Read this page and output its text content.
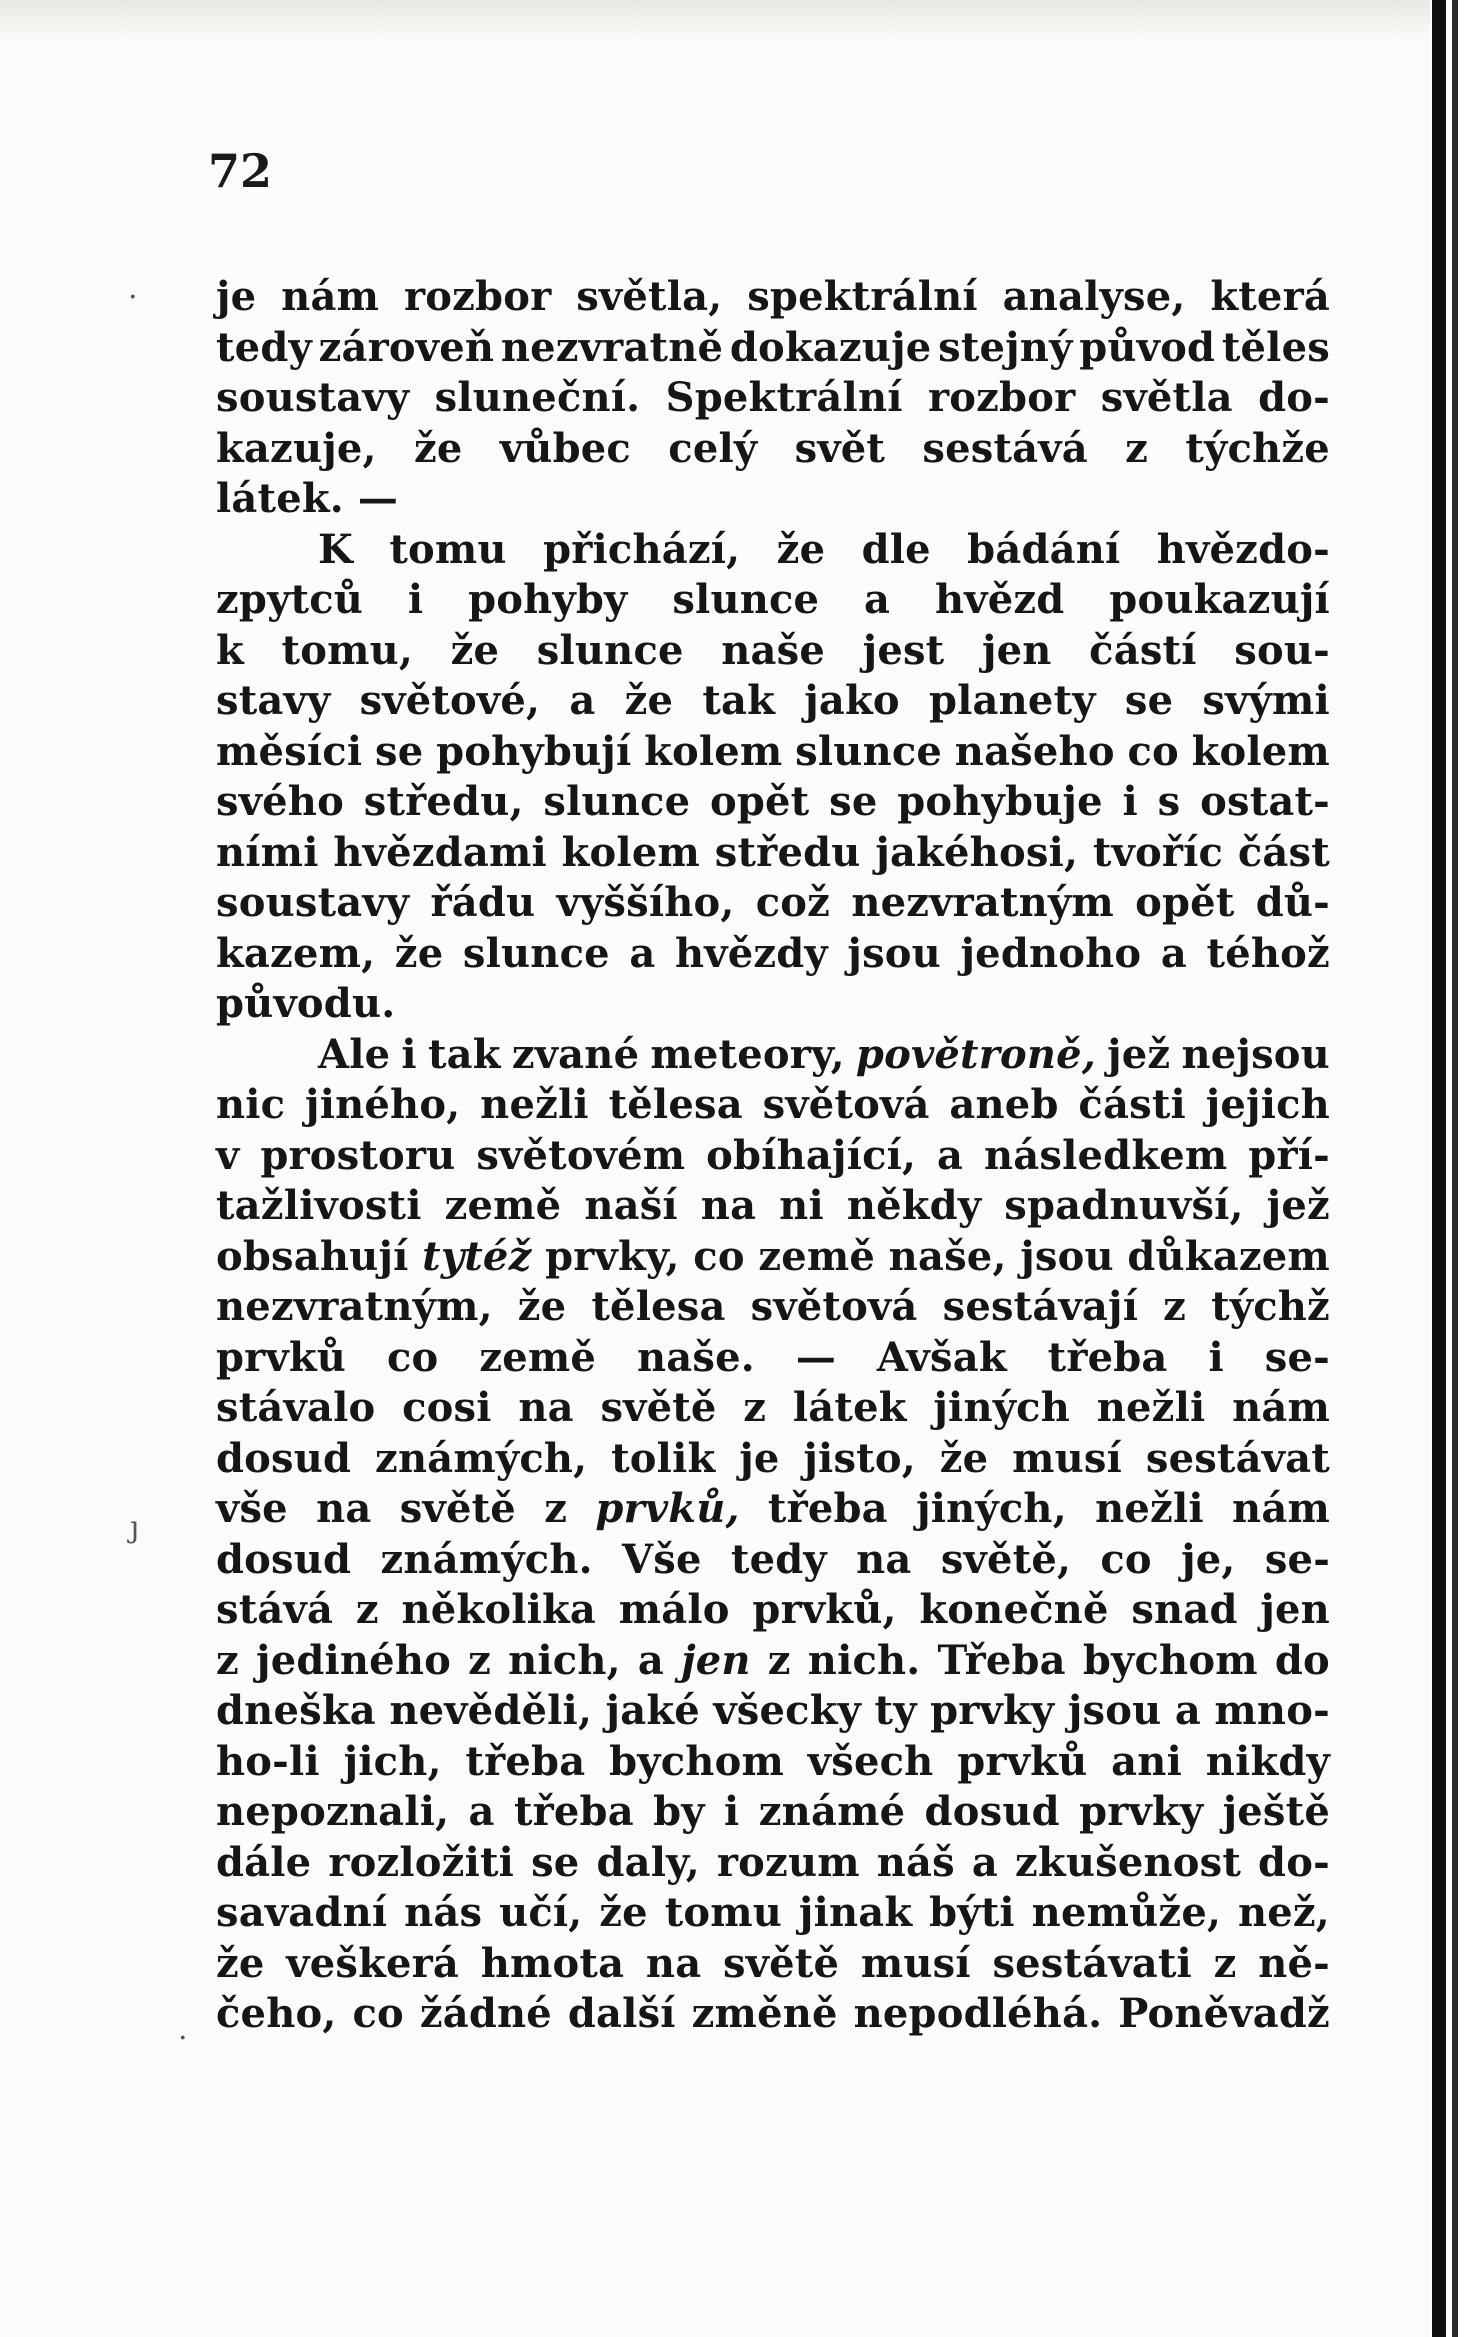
72
je nám rozbor světla, spektrální analyse, která
tedy zároveň nezvratně dokazuje stejný původ těles
soustavy sluneční. Spektrální rozbor světla do-
kazuje, že vůbec celý svět sestává z týchže
látek. —
K tomu přichází, že dle bádání hvězdo-
zpytců i pohyby slunce a hvězd poukazují
k tomu, že slunce naše jest jen částí sou-
stavy světové, a že tak jako planety se svými
měsíci se pohybují kolem slunce našeho co kolem
svého středu, slunce opět se pohybuje i s ostat-
ními hvězdami kolem středu jakéhosi, tvoříc část
soustavy řádu vyššího, což nezvratným opět dů-
kazem, že slunce a hvězdy jsou jednoho a téhož
původu.
Ale i tak zvané meteory, povětroně, jež nejsou
nic jiného, nežli tělesa světová aneb části jejich
v prostoru světovém obíhající, a následkem pří-
tažlivosti země naší na ni někdy spadnuvší, jež
obsahují tytéž prvky, co země naše, jsou důkazem
nezvratným, že tělesa světová sestávají z týchž
prvků co země naše. — Avšak třeba i se-
stávalo cosi na světě z látek jiných nežli nám
dosud známých, tolik je jisto, že musí sestávat
vše na světě z prvků, třeba jiných, nežli nám
dosud známých. Vše tedy na světě, co je, se-
stává z několika málo prvků, konečně snad jen
z jediného z nich, a jen z nich. Třeba bychom do
dneška nevěděli, jaké všecky ty prvky jsou a mno-
ho-li jich, třeba bychom všech prvků ani nikdy
nepoznali, a třeba by i známé dosud prvky ještě
dále rozložiti se daly, rozum náš a zkušenost do-
savadní nás učí, že tomu jinak býti nemůže, než,
že veškerá hmota na světě musí sestávati z ně-
čeho, co žádné další změně nepodléhá. Poněvadž
·
ȷ
.
